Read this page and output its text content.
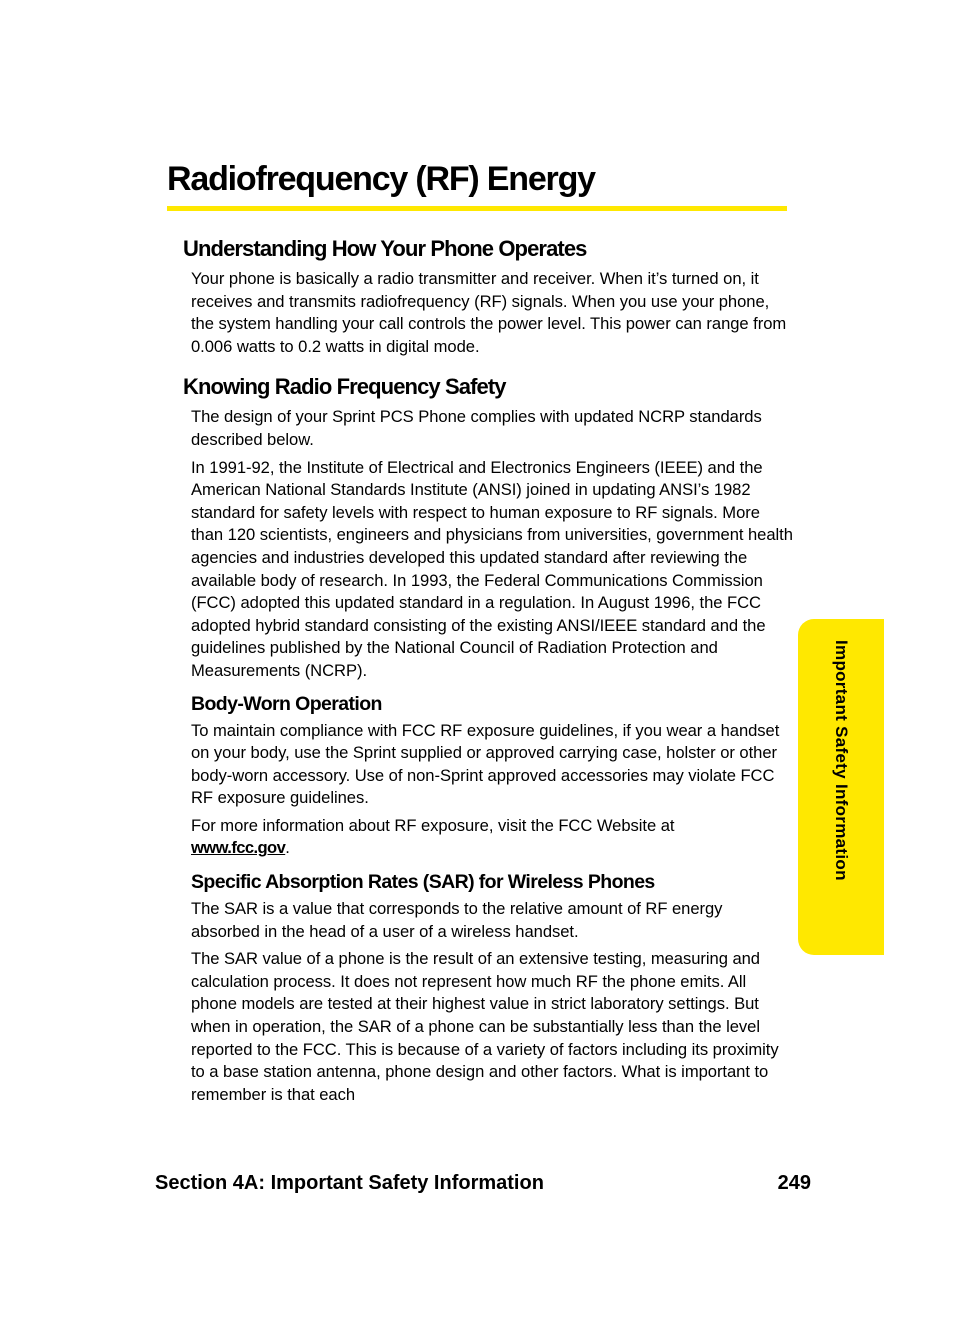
Radiofrequency (RF) Energy
Understanding How Your Phone Operates

Your phone is basically a radio transmitter and receiver. When it’s turned on, it receives and transmits radiofrequency (RF) signals. When you use your phone, the system handling your call controls the power level. This power can range from 0.006 watts to 0.2 watts in digital mode.

Knowing Radio Frequency Safety

The design of your Sprint PCS Phone complies with updated NCRP standards described below.

In 1991-92, the Institute of Electrical and Electronics Engineers (IEEE) and the American National Standards Institute (ANSI) joined in updating ANSI’s 1982 standard for safety levels with respect to human exposure to RF signals. More than 120 scientists, engineers and physicians from universities, government health agencies and industries developed this updated standard after reviewing the available body of research. In 1993, the Federal Communications Commission (FCC) adopted this updated standard in a regulation. In August 1996, the FCC adopted hybrid standard consisting of the existing ANSI/IEEE standard and the guidelines published by the National Council of Radiation Protection and Measurements (NCRP).

Body-Worn Operation

To maintain compliance with FCC RF exposure guidelines, if you wear a handset on your body, use the Sprint supplied or approved carrying case, holster or other body-worn accessory. Use of non-Sprint approved accessories may violate FCC RF exposure guidelines.

For more information about RF exposure, visit the FCC Website at
www.fcc.gov.

Specific Absorption Rates (SAR) for Wireless Phones

The SAR is a value that corresponds to the relative amount of RF energy absorbed in the head of a user of a wireless handset.

The SAR value of a phone is the result of an extensive testing, measuring and calculation process. It does not represent how much RF the phone emits. All phone models are tested at their highest value in strict laboratory settings. But when in operation, the SAR of a phone can be substantially less than the level reported to the FCC. This is because of a variety of factors including its proximity to a base station antenna, phone design and other factors. What is important to remember is that each

Important Safety Information
Section 4A: Important Safety Information	249
